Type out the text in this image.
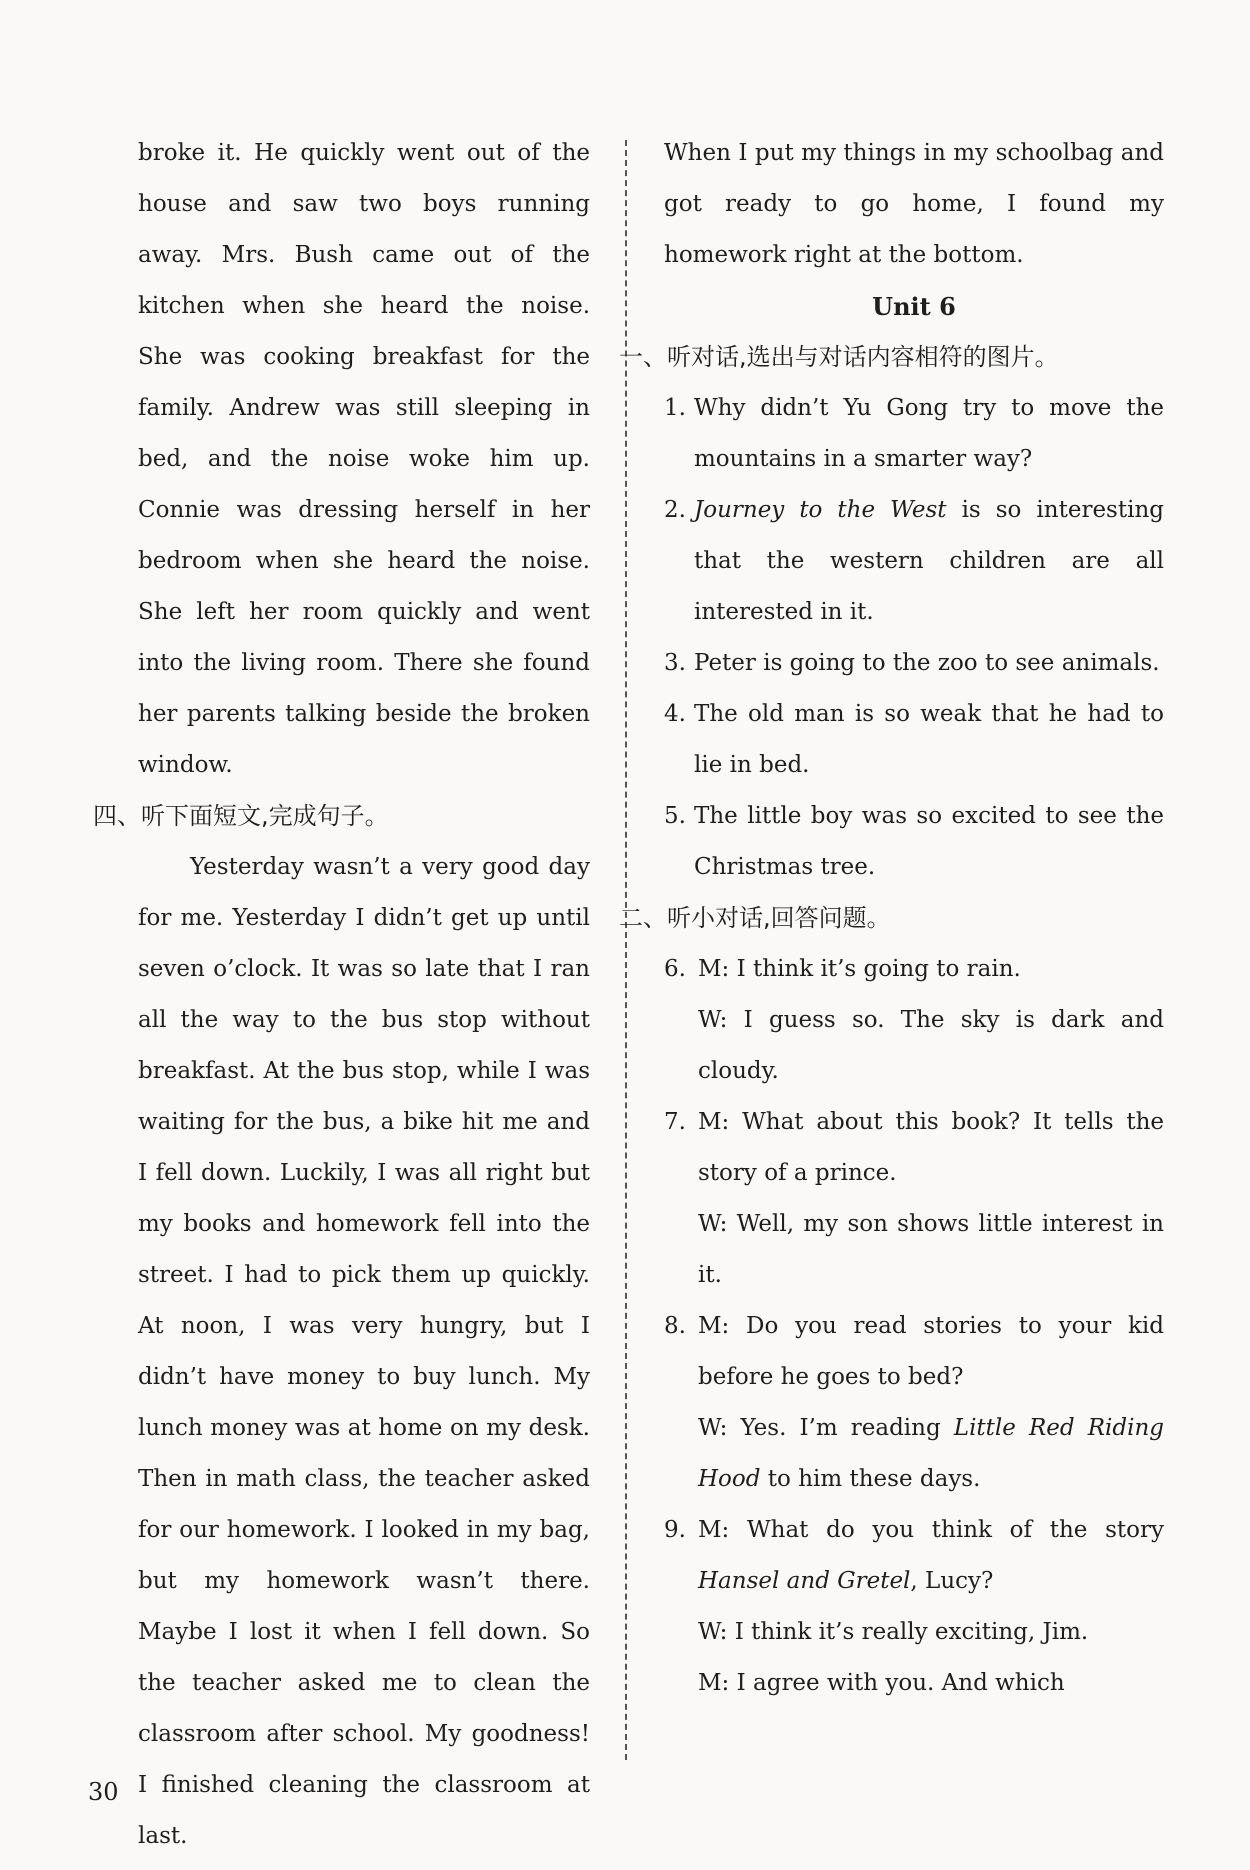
broke it. He quickly went out of the house and saw two boys running away. Mrs. Bush came out of the kitchen when she heard the noise. She was cooking breakfast for the family. Andrew was still sleeping in bed, and the noise woke him up. Connie was dressing herself in her bedroom when she heard the noise. She left her room quickly and went into the living room. There she found her parents talking beside the broken window.

四、听下面短文,完成句子。

Yesterday wasn’t a very good day for me. Yesterday I didn’t get up until seven o’clock. It was so late that I ran all the way to the bus stop without breakfast. At the bus stop, while I was waiting for the bus, a bike hit me and I fell down. Luckily, I was all right but my books and homework fell into the street. I had to pick them up quickly. At noon, I was very hungry, but I didn’t have money to buy lunch. My lunch money was at home on my desk. Then in math class, the teacher asked for our homework. I looked in my bag, but my homework wasn’t there. Maybe I lost it when I fell down. So the teacher asked me to clean the classroom after school. My goodness! I finished cleaning the classroom at last.

When I put my things in my schoolbag and got ready to go home, I found my homework right at the bottom.

Unit 6

一、听对话,选出与对话内容相符的图片。

1. Why didn’t Yu Gong try to move the mountains in a smarter way?
2. Journey to the West is so interesting that the western children are all interested in it.
3. Peter is going to the zoo to see animals.
4. The old man is so weak that he had to lie in bed.
5. The little boy was so excited to see the Christmas tree.

二、听小对话,回答问题。

6. M: I think it’s going to rain.
W: I guess so. The sky is dark and cloudy.
7. M: What about this book? It tells the story of a prince.
W: Well, my son shows little interest in it.
8. M: Do you read stories to your kid before he goes to bed?
W: Yes. I’m reading Little Red Riding Hood to him these days.
9. M: What do you think of the story Hansel and Gretel, Lucy?
W: I think it’s really exciting, Jim.
M: I agree with you. And which
30
